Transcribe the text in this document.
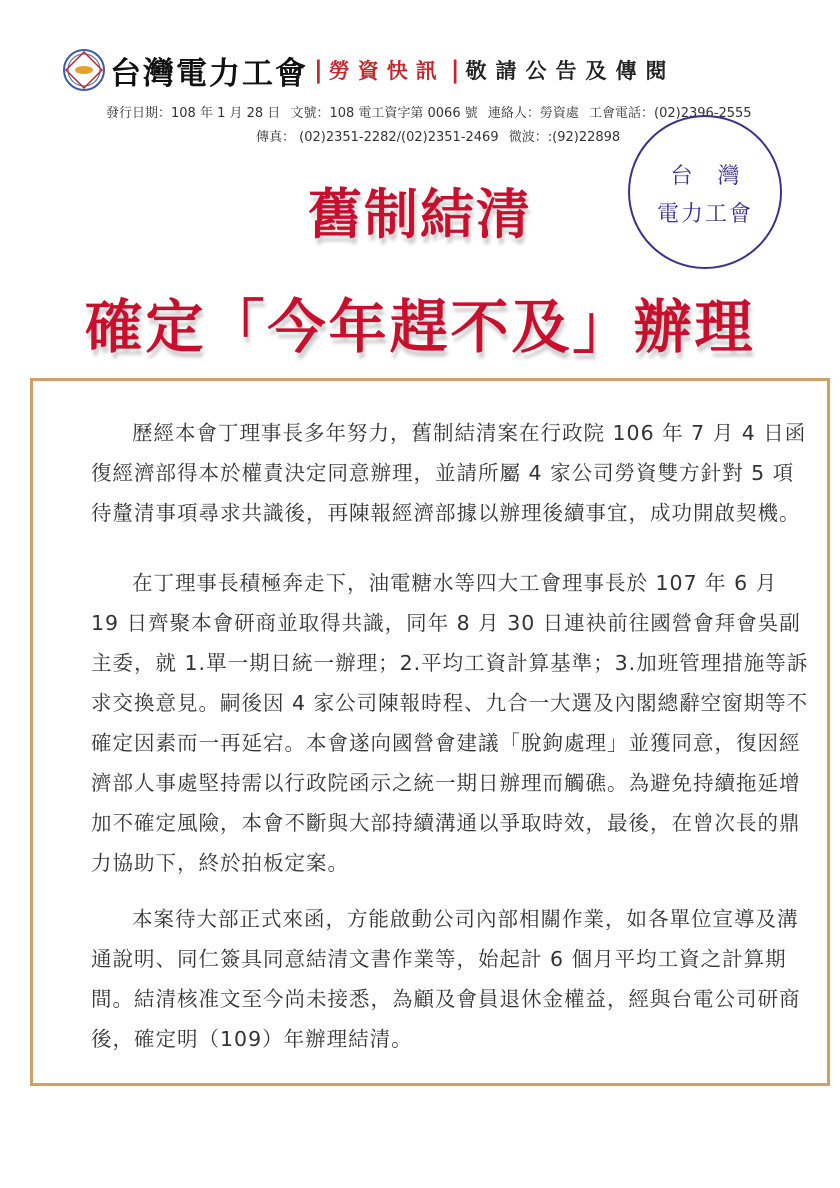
台灣電力工會 | 勞資快訊 | 敬請公告及傳閱
發行日期：108 年 1 月 28 日 文號：108 電工資字第 0066 號 連絡人：勞資處 工會電話：(02)2396-2555
傳真： (02)2351-2282/(02)2351-2469 微波：:(92)22898
台 灣
電力工會
舊制結清
確定「今年趕不及」辦理
歷經本會丁理事長多年努力，舊制結清案在行政院 106 年 7 月 4 日函復經濟部得本於權責決定同意辦理，並請所屬 4 家公司勞資雙方針對 5 項待釐清事項尋求共識後，再陳報經濟部據以辦理後續事宜，成功開啟契機。
在丁理事長積極奔走下，油電糖水等四大工會理事長於 107 年 6 月 19 日齊聚本會研商並取得共識，同年 8 月 30 日連袂前往國營會拜會吳副主委，就 1.單一期日統一辦理；2.平均工資計算基準；3.加班管理措施等訴求交換意見。嗣後因 4 家公司陳報時程、九合一大選及內閣總辭空窗期等不確定因素而一再延宕。本會遂向國營會建議「脫鉤處理」並獲同意，復因經濟部人事處堅持需以行政院函示之統一期日辦理而觸礁。為避免持續拖延增加不確定風險，本會不斷與大部持續溝通以爭取時效，最後，在曾次長的鼎力協助下，終於拍板定案。
本案待大部正式來函，方能啟動公司內部相關作業，如各單位宣導及溝通說明、同仁簽具同意結清文書作業等，始起計 6 個月平均工資之計算期間。結清核准文至今尚未接悉，為顧及會員退休金權益，經與台電公司研商後，確定明（109）年辦理結清。
